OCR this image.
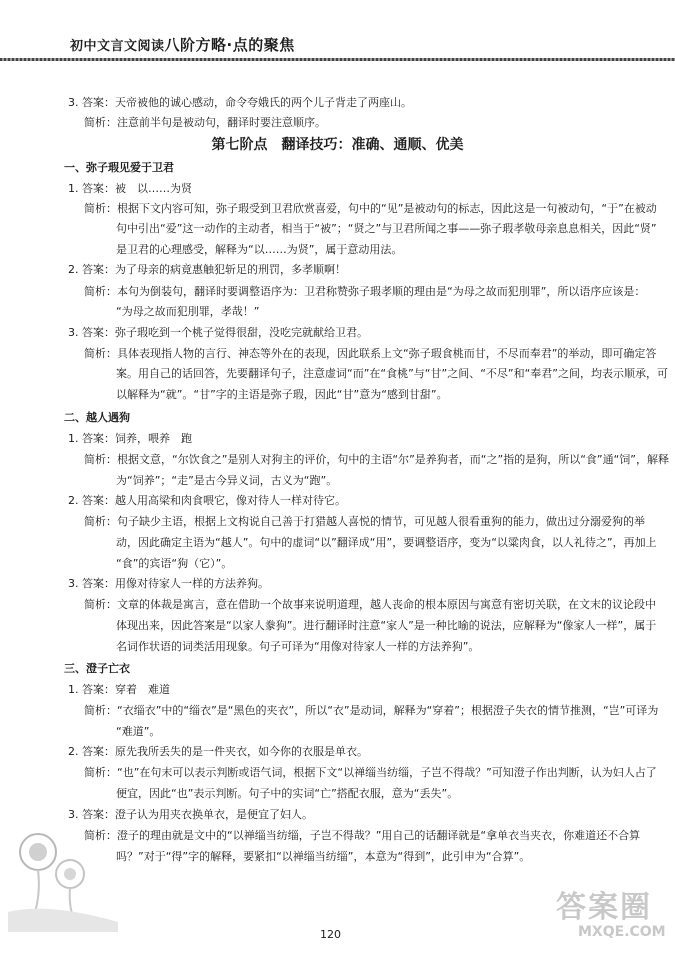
初中文言文阅读八阶方略·点的聚焦
3. 答案：天帝被他的诚心感动，命令夸娥氏的两个儿子背走了两座山。
简析：注意前半句是被动句，翻译时要注意顺序。
第七阶点　翻译技巧：准确、通顺、优美
一、弥子瑕见爱于卫君
1. 答案：被　以……为贤
简析：根据下文内容可知，弥子瑕受到卫君欣赏喜爱，句中的“见”是被动句的标志，因此这是一句被动句，“于”在被动
句中引出“爱”这一动作的主动者，相当于“被”；“贤之”与卫君所闻之事——弥子瑕孝敬母亲息息相关，因此“贤”
是卫君的心理感受，解释为“以……为贤”，属于意动用法。
2. 答案：为了母亲的病竟惠触犯斩足的刑罚，多孝顺啊！
简析：本句为倒装句，翻译时要调整语序为：卫君称赞弥子瑕孝顺的理由是“为母之故而犯刖罪”，所以语序应该是：
“为母之故而犯刖罪，孝哉！”
3. 答案：弥子瑕吃到一个桃子觉得很甜，没吃完就献给卫君。
简析：具体表现指人物的言行、神态等外在的表现，因此联系上文“弥子瑕食桃而甘，不尽而奉君”的举动，即可确定答
案。用自己的话回答，先要翻译句子，注意虚词“而”在“食桃”与“甘”之间、“不尽”和“奉君”之间，均表示顺承，可
以解释为“就”。“甘”字的主语是弥子瑕，因此“甘”意为“感到甘甜”。
二、越人遇狗
1. 答案：饲养，喂养　跑
简析：根据文意，“尔饮食之”是别人对狗主的评价，句中的主语“尔”是养狗者，而“之”指的是狗，所以“食”通“饲”，解释
为“饲养”；“走”是古今异义词，古义为“跑”。
2. 答案：越人用高梁和肉食喂它，像对待人一样对待它。
简析：句子缺少主语，根据上文构说自己善于打猎越人喜悦的情节，可见越人很看重狗的能力，做出过分溺爱狗的举
动，因此确定主语为“越人”。句中的虚词“以”翻译成“用”，要调整语序，变为“以粱肉食，以人礼待之”，再加上
“食”的宾语“狗（它）”。
3. 答案：用像对待家人一样的方法养狗。
简析：文章的体裁是寓言，意在借助一个故事来说明道理，越人丧命的根本原因与寓意有密切关联，在文末的议论段中
体现出来，因此答案是“以家人豢狗”。进行翻译时注意“家人”是一种比喻的说法，应解释为“像家人一样”，属于
名词作状语的词类活用现象。句子可译为“用像对待家人一样的方法养狗”。
三、澄子亡衣
1. 答案：穿着　难道
简析：“衣缁衣”中的“缁衣”是“黑色的夹衣”，所以“衣”是动词，解释为“穿着”；根据澄子失衣的情节推测，“岂”可译为
“难道”。
2. 答案：原先我所丢失的是一件夹衣，如今你的衣服是单衣。
简析：“也”在句末可以表示判断或语气词，根据下文“以禅缁当纺缁，子岂不得哉？”可知澄子作出判断，认为妇人占了
便宜，因此“也”表示判断。句子中的实词“亡”搭配衣服，意为“丢失”。
3. 答案：澄子认为用夹衣换单衣，是便宜了妇人。
简析：澄子的理由就是文中的“以禅缁当纺缁，子岂不得哉？”用自己的话翻译就是“拿单衣当夹衣，你难道还不合算
吗？”对于“得”字的解释，要紧扣“以禅缁当纺缁”，本意为“得到”，此引申为“合算”。
答案圈
MXQE.COM
120
